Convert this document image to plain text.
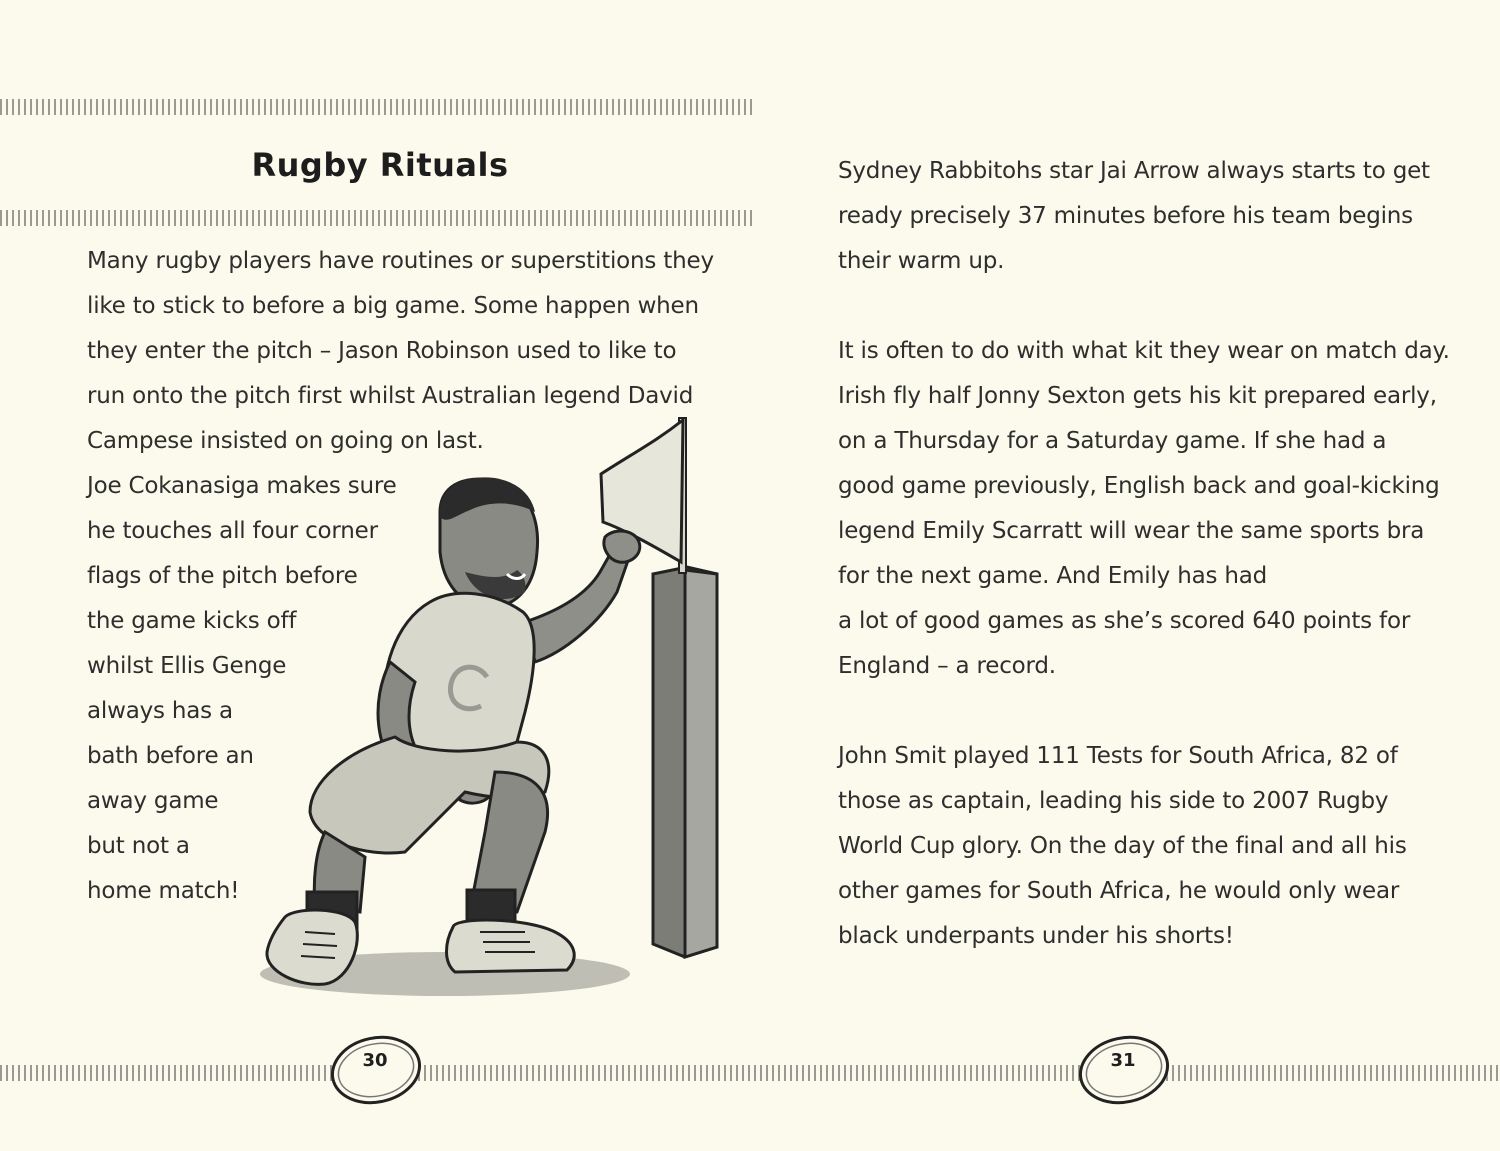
Rugby Rituals
Many rugby players have routines or superstitions they
like to stick to before a big game. Some happen when
they enter the pitch – Jason Robinson used to like to
run onto the pitch first whilst Australian legend David
Campese insisted on going on last.
Joe Cokanasiga makes sure
he touches all four corner
flags of the pitch before
the game kicks off
whilst Ellis Genge
always has a
bath before an
away game
but not a
home match!
Sydney Rabbitohs star Jai Arrow always starts to get
ready precisely 37 minutes before his team begins
their warm up.
It is often to do with what kit they wear on match day.
Irish fly half Jonny Sexton gets his kit prepared early,
on a Thursday for a Saturday game. If she had a
good game previously, English back and goal-kicking
legend Emily Scarratt will wear the same sports bra
for the next game. And Emily has had
a lot of good games as she’s scored 640 points for
England – a record.
John Smit played 111 Tests for South Africa, 82 of
those as captain, leading his side to 2007 Rugby
World Cup glory. On the day of the final and all his
other games for South Africa, he would only wear
black underpants under his shorts!
30	31
